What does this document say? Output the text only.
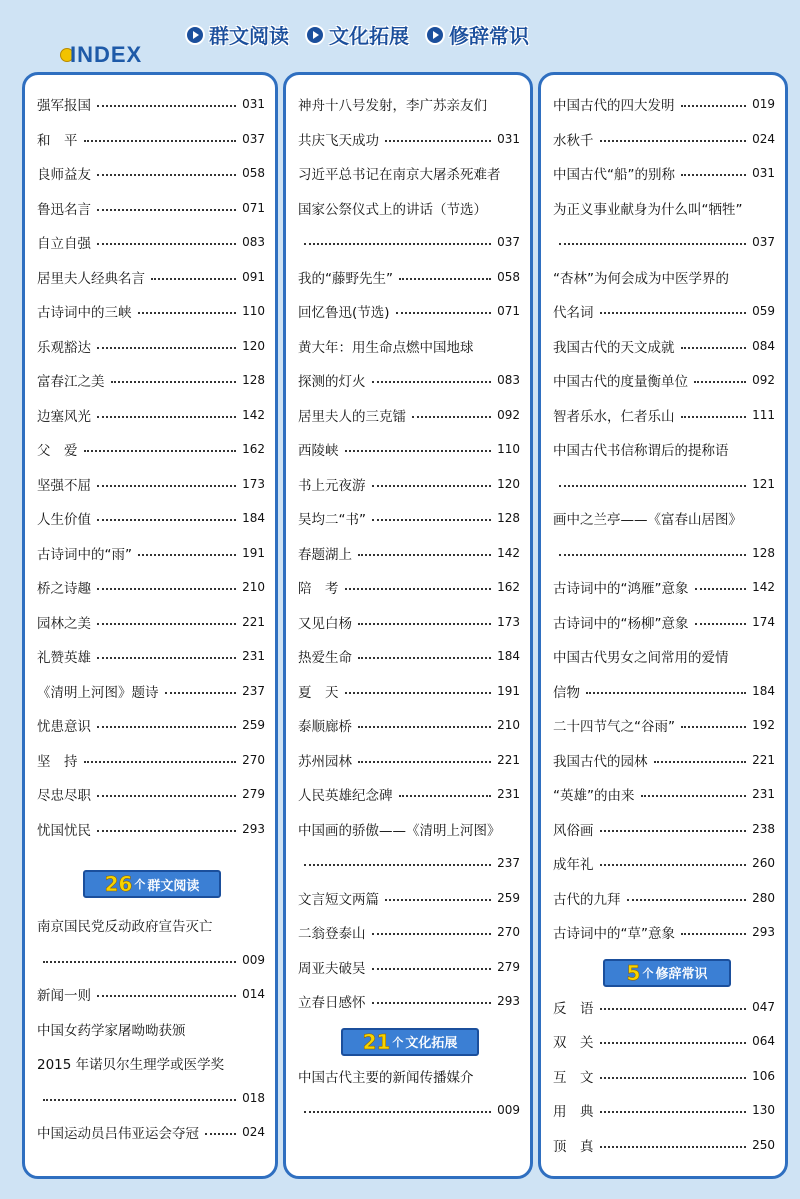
INDEX
群文阅读 文化拓展 修辞常识
强军报国	031
和　平	037
良师益友	058
鲁迅名言	071
自立自强	083
居里夫人经典名言	091
古诗词中的三峡	110
乐观豁达	120
富春江之美	128
边塞风光	142
父　爱	162
坚强不屈	173
人生价值	184
古诗词中的“雨”	191
桥之诗趣	210
园林之美	221
礼赞英雄	231
《清明上河图》题诗	237
忧患意识	259
坚　持	270
尽忠尽职	279
忧国忧民	293
26 个 群文阅读
南京国民党反动政府宣告灭亡
009
新闻一则	014
中国女药学家屠呦呦获颁
2015 年诺贝尔生理学或医学奖
018
中国运动员吕伟亚运会夺冠	024
神舟十八号发射，李广苏亲友们
共庆飞天成功	031
习近平总书记在南京大屠杀死难者
国家公祭仪式上的讲话（节选）
037
我的“藤野先生”	058
回忆鲁迅(节选)	071
黄大年：用生命点燃中国地球
探测的灯火	083
居里夫人的三克镭	092
西陵峡	110
书上元夜游	120
吴均二“书”	128
春题湖上	142
陪　考	162
又见白杨	173
热爱生命	184
夏　天	191
泰顺廊桥	210
苏州园林	221
人民英雄纪念碑	231
中国画的骄傲——《清明上河图》
237
文言短文两篇	259
二翁登泰山	270
周亚夫破吴	279
立春日感怀	293
21 个 文化拓展
中国古代主要的新闻传播媒介
009
中国古代的四大发明	019
水秋千	024
中国古代“船”的别称	031
为正义事业献身为什么叫“牺牲”
037
“杏林”为何会成为中医学界的
代名词	059
我国古代的天文成就	084
中国古代的度量衡单位	092
智者乐水，仁者乐山	111
中国古代书信称谓后的提称语
121
画中之兰亭——《富春山居图》
128
古诗词中的“鸿雁”意象	142
古诗词中的“杨柳”意象	174
中国古代男女之间常用的爱情
信物	184
二十四节气之“谷雨”	192
我国古代的园林	221
“英雄”的由来	231
风俗画	238
成年礼	260
古代的九拜	280
古诗词中的“草”意象	293
5 个 修辞常识
反　语	047
双　关	064
互　文	106
用　典	130
顶　真	250
